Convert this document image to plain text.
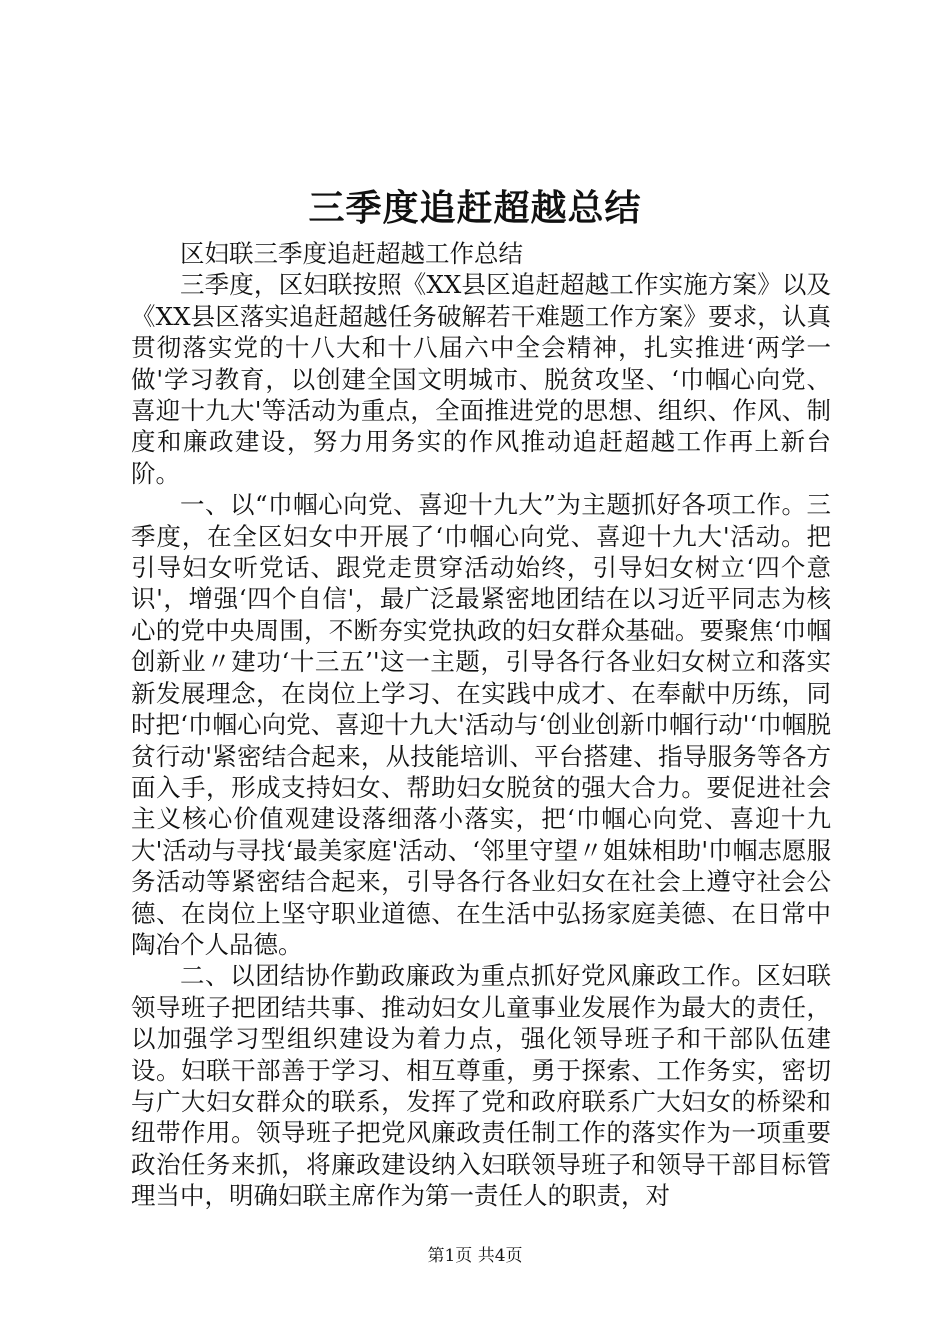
三季度追赶超越总结

区妇联三季度追赶超越工作总结

三季度，区妇联按照《XX县区追赶超越工作实施方案》以及《XX县区落实追赶超越任务破解若干难题工作方案》要求，认真贯彻落实党的十八大和十八届六中全会精神，扎实推进‘两学一做'学习教育，以创建全国文明城市、脱贫攻坚、‘巾帼心向党、喜迎十九大'等活动为重点，全面推进党的思想、组织、作风、制度和廉政建设，努力用务实的作风推动追赶超越工作再上新台阶。

一、以“巾帼心向党、喜迎十九大”为主题抓好各项工作。三季度，在全区妇女中开展了‘巾帼心向党、喜迎十九大'活动。把引导妇女听党话、跟党走贯穿活动始终，引导妇女树立‘四个意识'，增强‘四个自信'，最广泛最紧密地团结在以习近平同志为核心的党中央周围，不断夯实党执政的妇女群众基础。要聚焦‘巾帼创新业〃建功‘十三五’'这一主题，引导各行各业妇女树立和落实新发展理念，在岗位上学习、在实践中成才、在奉献中历练，同时把‘巾帼心向党、喜迎十九大'活动与‘创业创新巾帼行动'‘巾帼脱贫行动'紧密结合起来，从技能培训、平台搭建、指导服务等各方面入手，形成支持妇女、帮助妇女脱贫的强大合力。要促进社会主义核心价值观建设落细落小落实，把‘巾帼心向党、喜迎十九大'活动与寻找‘最美家庭'活动、‘邻里守望〃姐妹相助'巾帼志愿服务活动等紧密结合起来，引导各行各业妇女在社会上遵守社会公德、在岗位上坚守职业道德、在生活中弘扬家庭美德、在日常中陶冶个人品德。

二、以团结协作勤政廉政为重点抓好党风廉政工作。区妇联领导班子把团结共事、推动妇女儿童事业发展作为最大的责任，以加强学习型组织建设为着力点，强化领导班子和干部队伍建设。妇联干部善于学习、相互尊重，勇于探索、工作务实，密切与广大妇女群众的联系，发挥了党和政府联系广大妇女的桥梁和纽带作用。领导班子把党风廉政责任制工作的落实作为一项重要政治任务来抓，将廉政建设纳入妇联领导班子和领导干部目标管理当中，明确妇联主席作为第一责任人的职责，对

第1页 共4页
